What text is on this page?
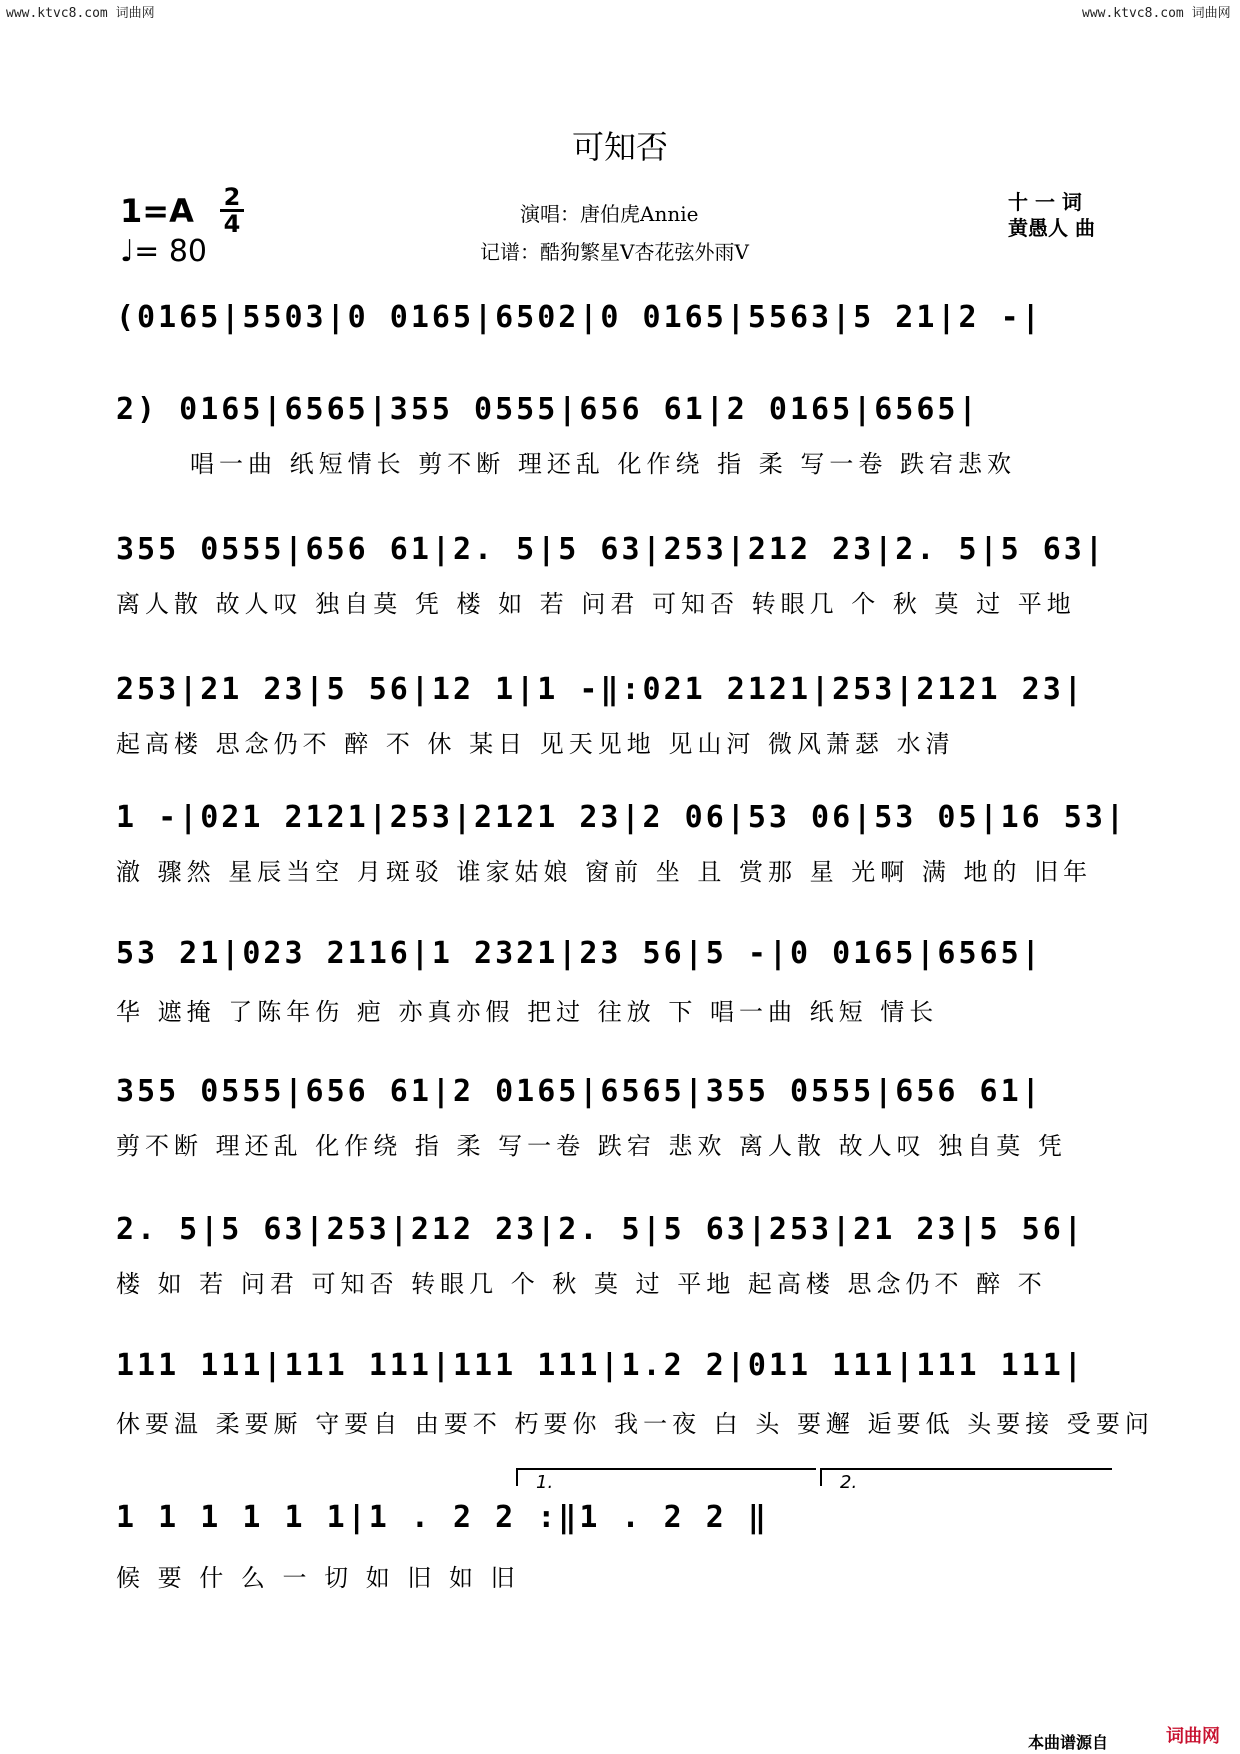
www.ktvc8.com 词曲网	www.ktvc8.com 词曲网
可知否
1=A 2
4
♩= 80
演唱：唐伯虎Annie
记谱：酷狗繁星V杏花弦外雨V
十 一 词
黄愚人 曲
(0165|5503|0 0165|6502|0 0165|5563|5 21|2 -|
2) 0165|6565|355 0555|656 61|2 0165|6565|
唱一曲 纸短情长 剪不断 理还乱 化作绕 指 柔 写一卷 跌宕悲欢
355 0555|656 61|2. 5|5 63|253|212 23|2. 5|5 63|
离人散 故人叹 独自莫 凭 楼 如 若 问君 可知否 转眼几 个 秋 莫 过 平地
253|21 23|5 56|12 1|1 -‖:021 2121|253|2121 23|
起高楼 思念仍不 醉 不 休 某日 见天见地 见山河 微风萧瑟 水清
1 -|021 2121|253|2121 23|2 06|53 06|53 05|16 53|
澈 骤然 星辰当空 月斑驳 谁家姑娘 窗前 坐 且 赏那 星 光啊 满 地的 旧年
53 21|023 2116|1 2321|23 56|5 -|0 0165|6565|
华 遮掩 了陈年伤 疤 亦真亦假 把过 往放 下 唱一曲 纸短 情长
355 0555|656 61|2 0165|6565|355 0555|656 61|
剪不断 理还乱 化作绕 指 柔 写一卷 跌宕 悲欢 离人散 故人叹 独自莫 凭
2. 5|5 63|253|212 23|2. 5|5 63|253|21 23|5 56|
楼 如 若 问君 可知否 转眼几 个 秋 莫 过 平地 起高楼 思念仍不 醉 不
111 111|111 111|111 111|1.2 2|011 111|111 111|
休要温 柔要厮 守要自 由要不 朽要你 我一夜 白 头 要邂 逅要低 头要接 受要问
1.	2.
1 1 1 1 1 1|1 . 2 2 :‖1 . 2 2 ‖
候 要 什 么 一 切 如 旧 如 旧
本曲谱源自	词曲网
